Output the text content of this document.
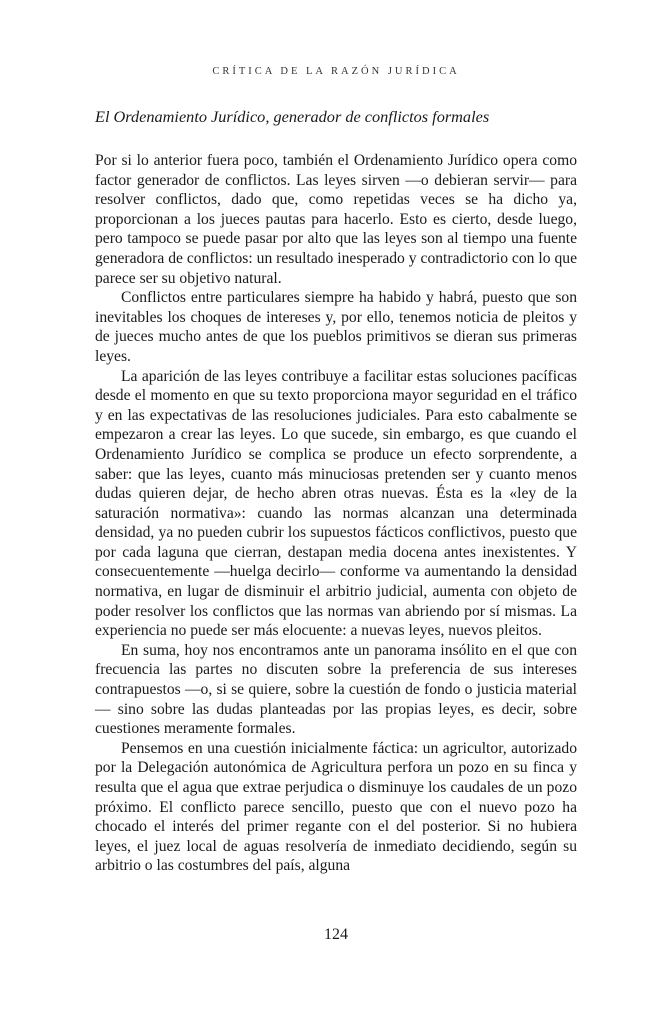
CRÍTICA DE LA RAZÓN JURÍDICA
El Ordenamiento Jurídico, generador de conflictos formales

Por si lo anterior fuera poco, también el Ordenamiento Jurídico opera como factor generador de conflictos. Las leyes sirven —o debieran servir— para resolver conflictos, dado que, como repetidas veces se ha dicho ya, proporcionan a los jueces pautas para hacerlo. Esto es cierto, desde luego, pero tampoco se puede pasar por alto que las leyes son al tiempo una fuente generadora de conflictos: un resultado inesperado y contradictorio con lo que parece ser su objetivo natural.

Conflictos entre particulares siempre ha habido y habrá, puesto que son inevitables los choques de intereses y, por ello, tenemos noticia de pleitos y de jueces mucho antes de que los pueblos primitivos se dieran sus primeras leyes.

La aparición de las leyes contribuye a facilitar estas soluciones pacíficas desde el momento en que su texto proporciona mayor seguridad en el tráfico y en las expectativas de las resoluciones judiciales. Para esto cabalmente se empezaron a crear las leyes. Lo que sucede, sin embargo, es que cuando el Ordenamiento Jurídico se complica se produce un efecto sorprendente, a saber: que las leyes, cuanto más minuciosas pretenden ser y cuanto menos dudas quieren dejar, de hecho abren otras nuevas. Ésta es la «ley de la saturación normativa»: cuando las normas alcanzan una determinada densidad, ya no pueden cubrir los supuestos fácticos conflictivos, puesto que por cada laguna que cierran, destapan media docena antes inexistentes. Y consecuentemente —huelga decirlo— conforme va aumentando la densidad normativa, en lugar de disminuir el arbitrio judicial, aumenta con objeto de poder resolver los conflictos que las normas van abriendo por sí mismas. La experiencia no puede ser más elocuente: a nuevas leyes, nuevos pleitos.

En suma, hoy nos encontramos ante un panorama insólito en el que con frecuencia las partes no discuten sobre la preferencia de sus intereses contrapuestos —o, si se quiere, sobre la cuestión de fondo o justicia material— sino sobre las dudas planteadas por las propias leyes, es decir, sobre cuestiones meramente formales.

Pensemos en una cuestión inicialmente fáctica: un agricultor, autorizado por la Delegación autonómica de Agricultura perfora un pozo en su finca y resulta que el agua que extrae perjudica o disminuye los caudales de un pozo próximo. El conflicto parece sencillo, puesto que con el nuevo pozo ha chocado el interés del primer regante con el del posterior. Si no hubiera leyes, el juez local de aguas resolvería de inmediato decidiendo, según su arbitrio o las costumbres del país, alguna

124
